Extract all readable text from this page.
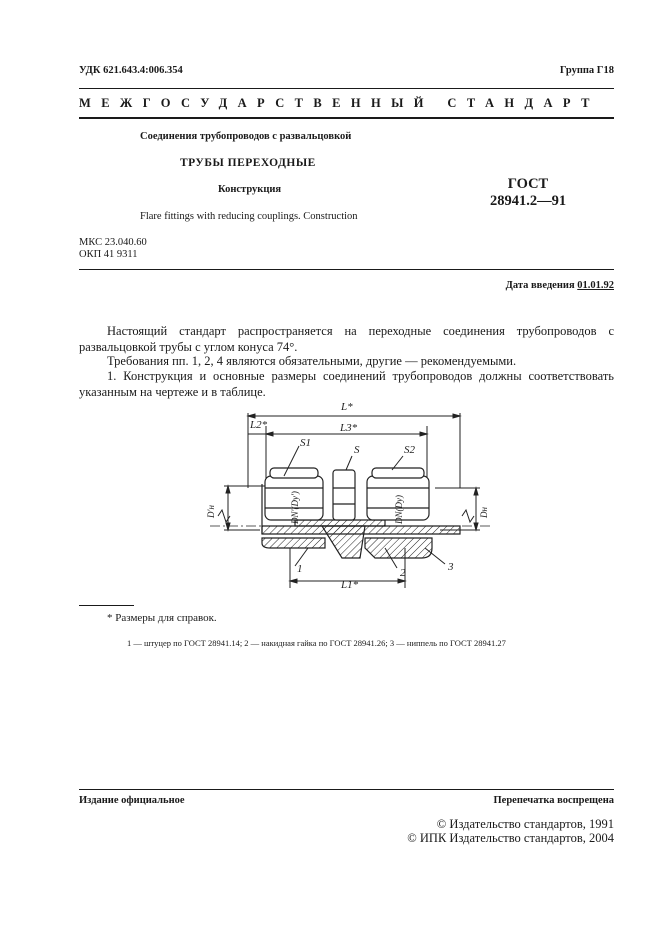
УДК 621.643.4:006.354	Группа Г18
МЕЖГОСУДАРСТВЕННЫЙ СТАНДАРТ
Соединения трубопроводов с развальцовкой
ТРУБЫ ПЕРЕХОДНЫЕ
Конструкция
Flare fittings with reducing couplings. Construction
ГОСТ
28941.2—91
МКС 23.040.60
ОКП 41 9311
Дата введения 01.01.92
Настоящий стандарт распространяется на переходные соединения трубопроводов с развальцовкой трубы с углом конуса 74°.
Требования пп. 1, 2, 4 являются обязательными, другие — рекомендуемыми.
1. Конструкция и основные размеры соединений трубопроводов должны соответствовать указанным на чертеже и в таблице.
L*
L2*	L3*
L1*
S1
S	S2
1	2	3
D′н	Dн
DN′(Dу′)	DN(Dу)
* Размеры для справок.
1 — штуцер по ГОСТ 28941.14; 2 — накидная гайка по ГОСТ 28941.26; 3 — ниппель по ГОСТ 28941.27
Издание официальное	Перепечатка воспрещена
© Издательство стандартов, 1991
© ИПК Издательство стандартов, 2004
